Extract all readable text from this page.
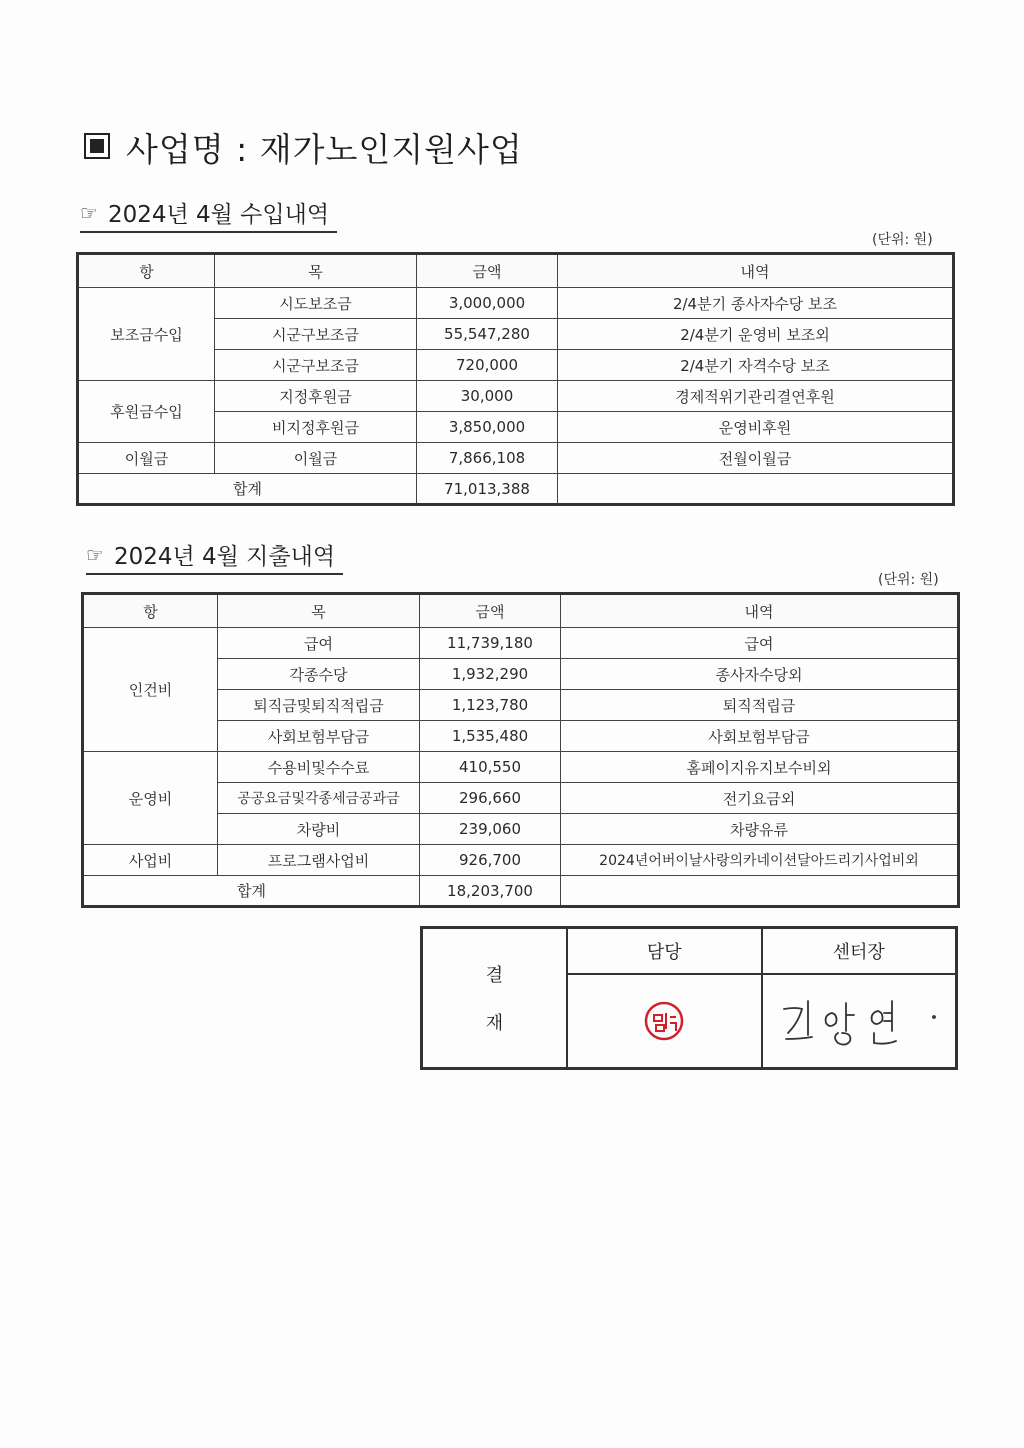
사업명 : 재가노인지원사업
☞ 2024년 4월 수입내역
(단위: 원)
항	목	금액	내역
보조금수입	시도보조금	3,000,000	2/4분기 종사자수당 보조
	시군구보조금	55,547,280	2/4분기 운영비 보조외
	시군구보조금	720,000	2/4분기 자격수당 보조
후원금수입	지정후원금	30,000	경제적위기관리결연후원
	비지정후원금	3,850,000	운영비후원
이월금	이월금	7,866,108	전월이월금
합계		71,013,388	
☞ 2024년 4월 지출내역
(단위: 원)
항	목	금액	내역
인건비	급여	11,739,180	급여
	각종수당	1,932,290	종사자수당외
	퇴직금및퇴직적립금	1,123,780	퇴직적립금
	사회보험부담금	1,535,480	사회보험부담금
운영비	수용비및수수료	410,550	홈페이지유지보수비외
	공공요금및각종세금공과금	296,660	전기요금외
	차량비	239,060	차량유류
사업비	프로그램사업비	926,700	2024년어버이날사랑의카네이션달아드리기사업비외
합계		18,203,700	
결
재
담당	센터장
